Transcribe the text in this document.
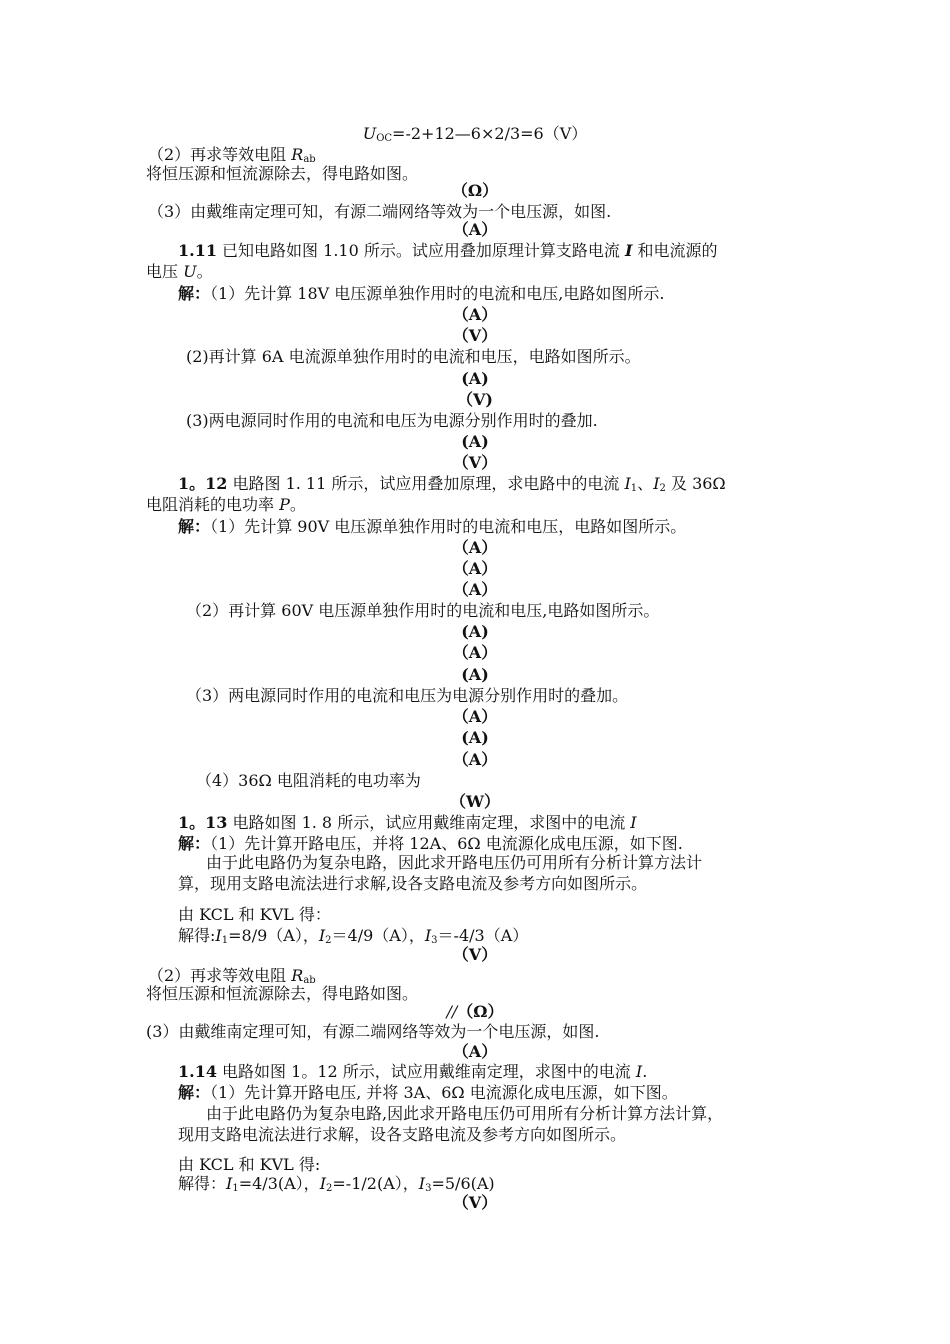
$U_{OC}=-2+12—6\times 2/3=6(V)$
（2）再求等效电阻 $R_{ab}$
将恒压源和恒流源除去，得电路如图。
（Ω）
（3）由戴维南定理可知，有源二端网络等效为一个电压源，如图.
（A）
1.11 已知电路如图 1.10 所示。试应用叠加原理计算支路电流 I 和电流源的
电压 U。
解：（1）先计算 18V 电压源单独作用时的电流和电压,电路如图所示.
（A）
（V）
(2)再计算 6A 电流源单独作用时的电流和电压，电路如图所示。
(A)
（V)
(3)两电源同时作用的电流和电压为电源分别作用时的叠加.
(A)
（V）
1。12 电路图 1. 11 所示，试应用叠加原理，求电路中的电流 $I_1$、$I_2$ 及 36Ω
电阻消耗的电功率 P。
解：（1）先计算 90V 电压源单独作用时的电流和电压，电路如图所示。
（A）
（A）
（A）
（2）再计算 60V 电压源单独作用时的电流和电压,电路如图所示。
(A)
（A）
(A)
（3）两电源同时作用的电流和电压为电源分别作用时的叠加。
（A）
(A)
（A）
（4）36Ω 电阻消耗的电功率为
（W）
1。13 电路如图 1. 8 所示，试应用戴维南定理，求图中的电流 I
解：（1）先计算开路电压，并将 12A、6Ω 电流源化成电压源，如下图.
由于此电路仍为复杂电路，因此求开路电压仍可用所有分析计算方法计
算，现用支路电流法进行求解,设各支路电流及参考方向如图所示。
由 KCL 和 KVL 得：
解得$:I_1=8/9(A)$，$I_2=4/9(A)$，$I_3=-4/3(A)$
（V）
（2）再求等效电阻 $R_{ab}$
将恒压源和恒流源除去，得电路如图。
//（Ω）
(3）由戴维南定理可知，有源二端网络等效为一个电压源，如图.
（A）
1.14 电路如图 1。12 所示，试应用戴维南定理，求图中的电流 I.
解：（1）先计算开路电压, 并将 3A、6Ω 电流源化成电压源，如下图。
由于此电路仍为复杂电路,因此求开路电压仍可用所有分析计算方法计算，
现用支路电流法进行求解，设各支路电流及参考方向如图所示。
由 KCL 和 KVL 得:
解得：$I_1=4/3(A)$，$I_2=-1/2(A)$，$I_3=5/6(A)$
（V）
